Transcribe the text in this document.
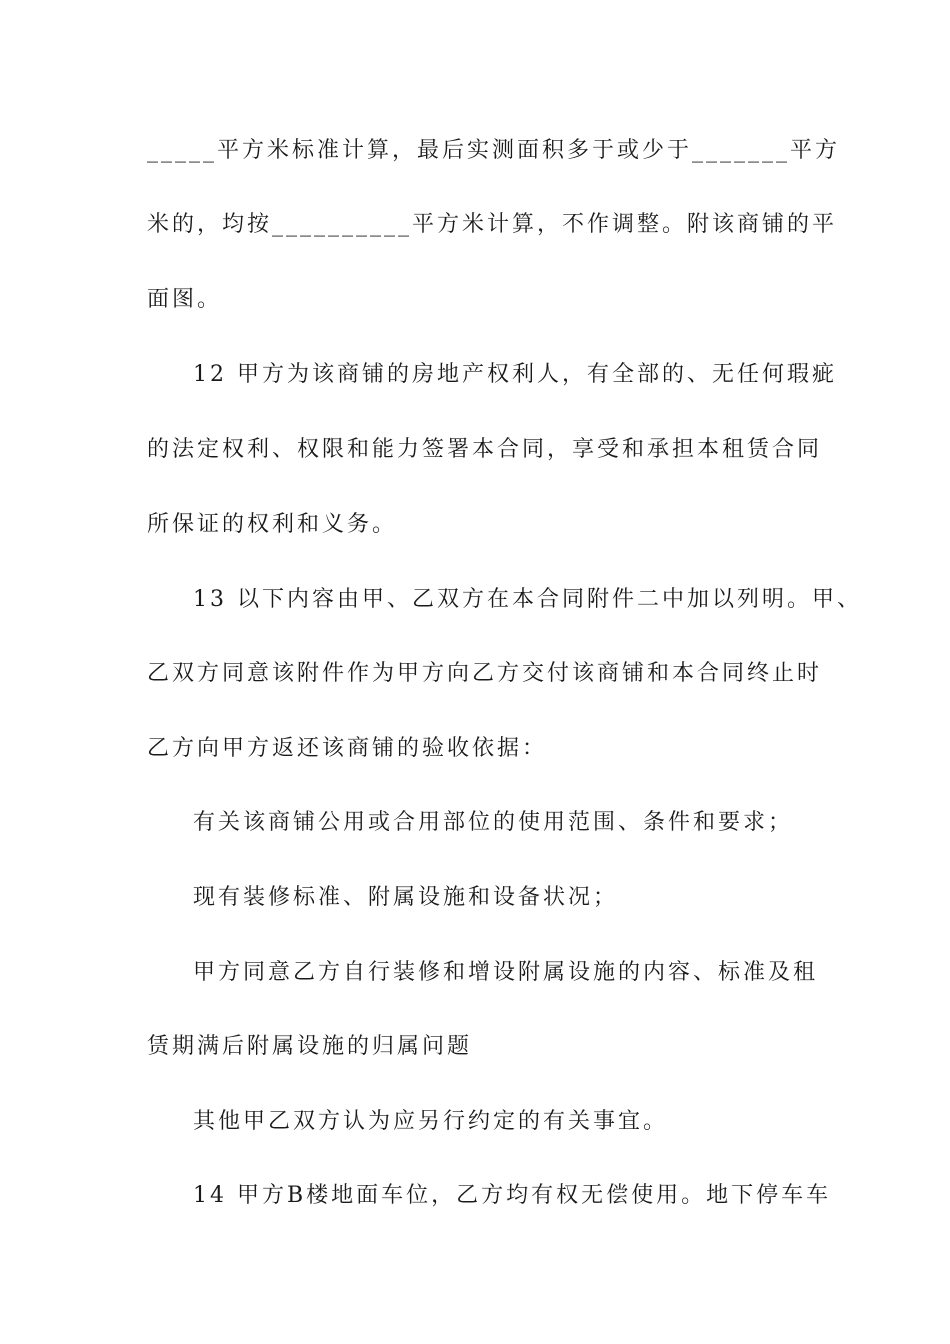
_____平方米标准计算，最后实测面积多于或少于_______平方
米的，均按__________平方米计算，不作调整。附该商铺的平
面图。
12 甲方为该商铺的房地产权利人，有全部的、无任何瑕疵
的法定权利、权限和能力签署本合同，享受和承担本租赁合同
所保证的权利和义务。
13 以下内容由甲、乙双方在本合同附件二中加以列明。甲、
乙双方同意该附件作为甲方向乙方交付该商铺和本合同终止时
乙方向甲方返还该商铺的验收依据：
有关该商铺公用或合用部位的使用范围、条件和要求；
现有装修标准、附属设施和设备状况；
甲方同意乙方自行装修和增设附属设施的内容、标准及租
赁期满后附属设施的归属问题
其他甲乙双方认为应另行约定的有关事宜。
14 甲方B楼地面车位，乙方均有权无偿使用。地下停车车
